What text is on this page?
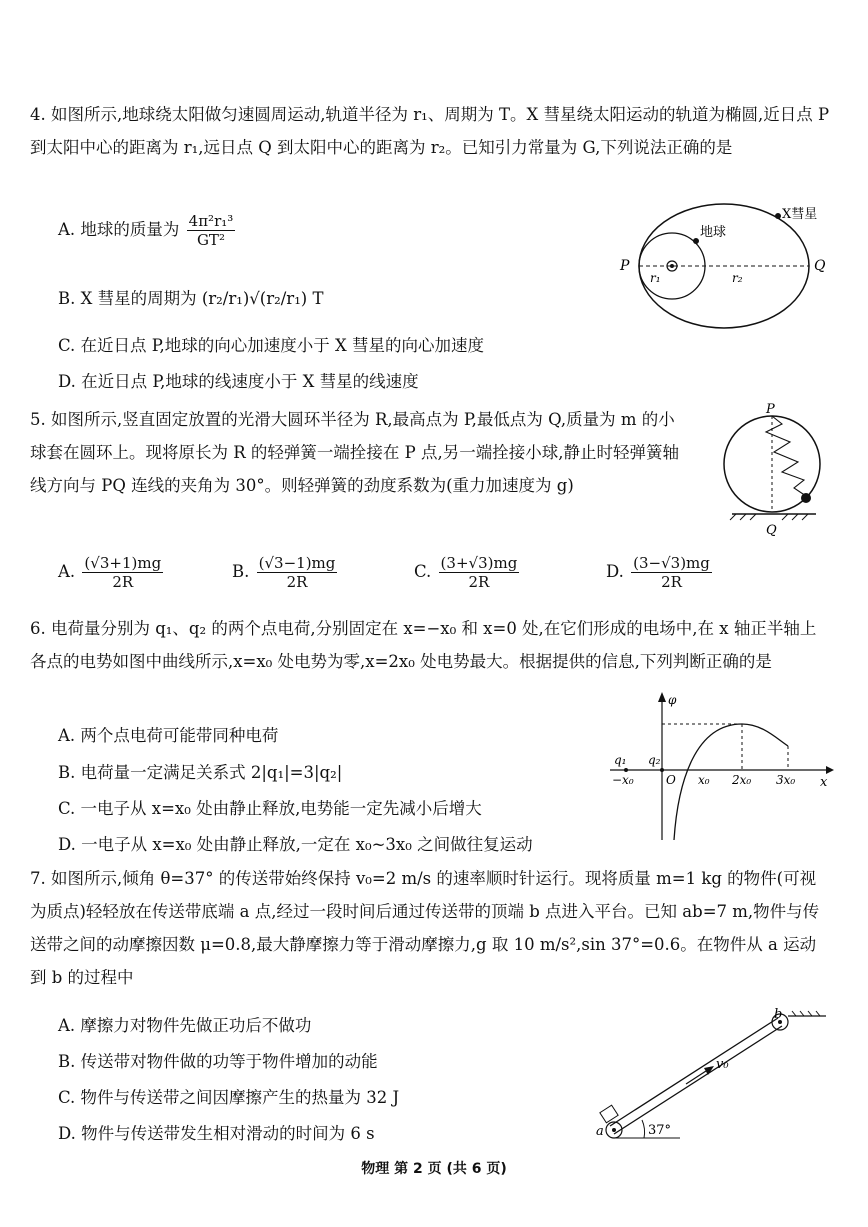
4. 如图所示,地球绕太阳做匀速圆周运动,轨道半径为 r₁、周期为 T。X 彗星绕太阳运动的轨道为椭圆,近日点 P 到太阳中心的距离为 r₁,远日点 Q 到太阳中心的距离为 r₂。已知引力常量为 G,下列说法正确的是
A. 地球的质量为 $\frac{\text{4π²r₁³}}{\text{GT²}}$
B. X 彗星的周期为 (r₂/r₁)√(r₂/r₁) T
C. 在近日点 P,地球的向心加速度小于 X 彗星的向心加速度
D. 在近日点 P,地球的线速度小于 X 彗星的线速度
X彗星
地球
P	Q
r₁	r₂
5. 如图所示,竖直固定放置的光滑大圆环半径为 R,最高点为 P,最低点为 Q,质量为 m 的小球套在圆环上。现将原长为 R 的轻弹簧一端拴接在 P 点,另一端拴接小球,静止时轻弹簧轴线方向与 PQ 连线的夹角为 30°。则轻弹簧的劲度系数为(重力加速度为 g)
A. $\frac{(√3+1)mg}{2R}$	B. $\frac{(√3-1)mg}{2R}$	C. $\frac{(3+√3)mg}{2R}$	D. $\frac{(3-√3)mg}{2R}$
P
Q
6. 电荷量分别为 q₁、q₂ 的两个点电荷,分别固定在 x=−x₀ 和 x=0 处,在它们形成的电场中,在 x 轴正半轴上各点的电势如图中曲线所示,x=x₀ 处电势为零,x=2x₀ 处电势最大。根据提供的信息,下列判断正确的是
A. 两个点电荷可能带同种电荷
B. 电荷量一定满足关系式 2|q₁|=3|q₂|
C. 一电子从 x=x₀ 处由静止释放,电势能一定先减小后增大
D. 一电子从 x=x₀ 处由静止释放,一定在 x₀~3x₀ 之间做往复运动
φ
x
q₁ q₂
−x₀	O x₀ 2x₀ 3x₀
7. 如图所示,倾角 θ=37° 的传送带始终保持 v₀=2 m/s 的速率顺时针运行。现将质量 m=1 kg 的物件(可视为质点)轻轻放在传送带底端 a 点,经过一段时间后通过传送带的顶端 b 点进入平台。已知 ab=7 m,物件与传送带之间的动摩擦因数 μ=0.8,最大静摩擦力等于滑动摩擦力,g 取 10 m/s²,sin 37°=0.6。在物件从 a 运动到 b 的过程中
A. 摩擦力对物件先做正功后不做功
B. 传送带对物件做的功等于物件增加的动能
C. 物件与传送带之间因摩擦产生的热量为 32 J
D. 物件与传送带发生相对滑动的时间为 6 s	a
b
v₀
37°
物理 第 2 页 (共 6 页)
